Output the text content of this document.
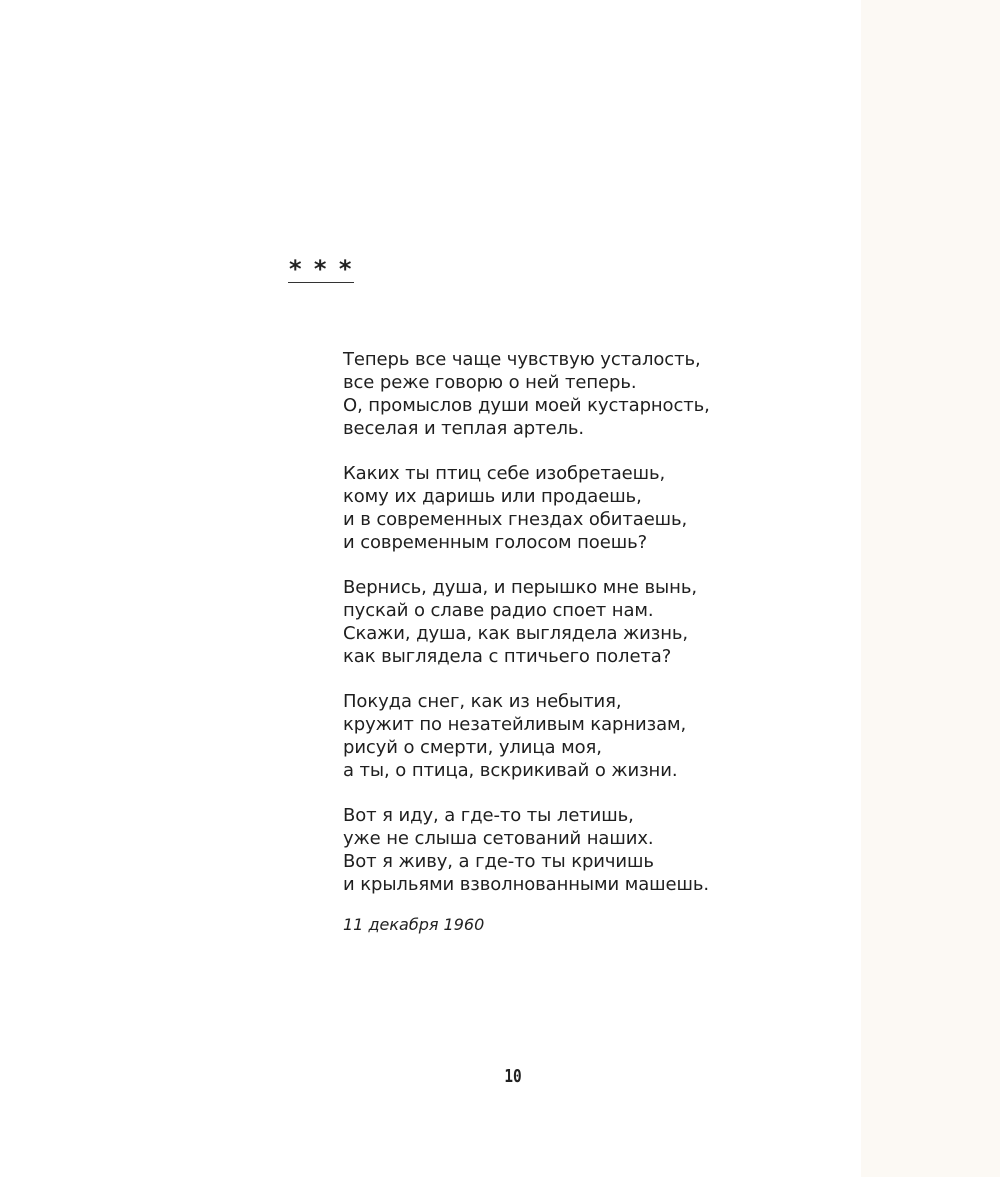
* * *
Теперь все чаще чувствую усталость,
все реже говорю о ней теперь.
О, промыслов души моей кустарность,
веселая и теплая артель.
Каких ты птиц себе изобретаешь,
кому их даришь или продаешь,
и в современных гнездах обитаешь,
и современным голосом поешь?
Вернись, душа, и перышко мне вынь,
пускай о славе радио споет нам.
Скажи, душа, как выглядела жизнь,
как выглядела с птичьего полета?
Покуда снег, как из небытия,
кружит по незатейливым карнизам,
рисуй о смерти, улица моя,
а ты, о птица, вскрикивай о жизни.
Вот я иду, а где-то ты летишь,
уже не слыша сетований наших.
Вот я живу, а где-то ты кричишь
и крыльями взволнованными машешь.
11 декабря 1960
10
